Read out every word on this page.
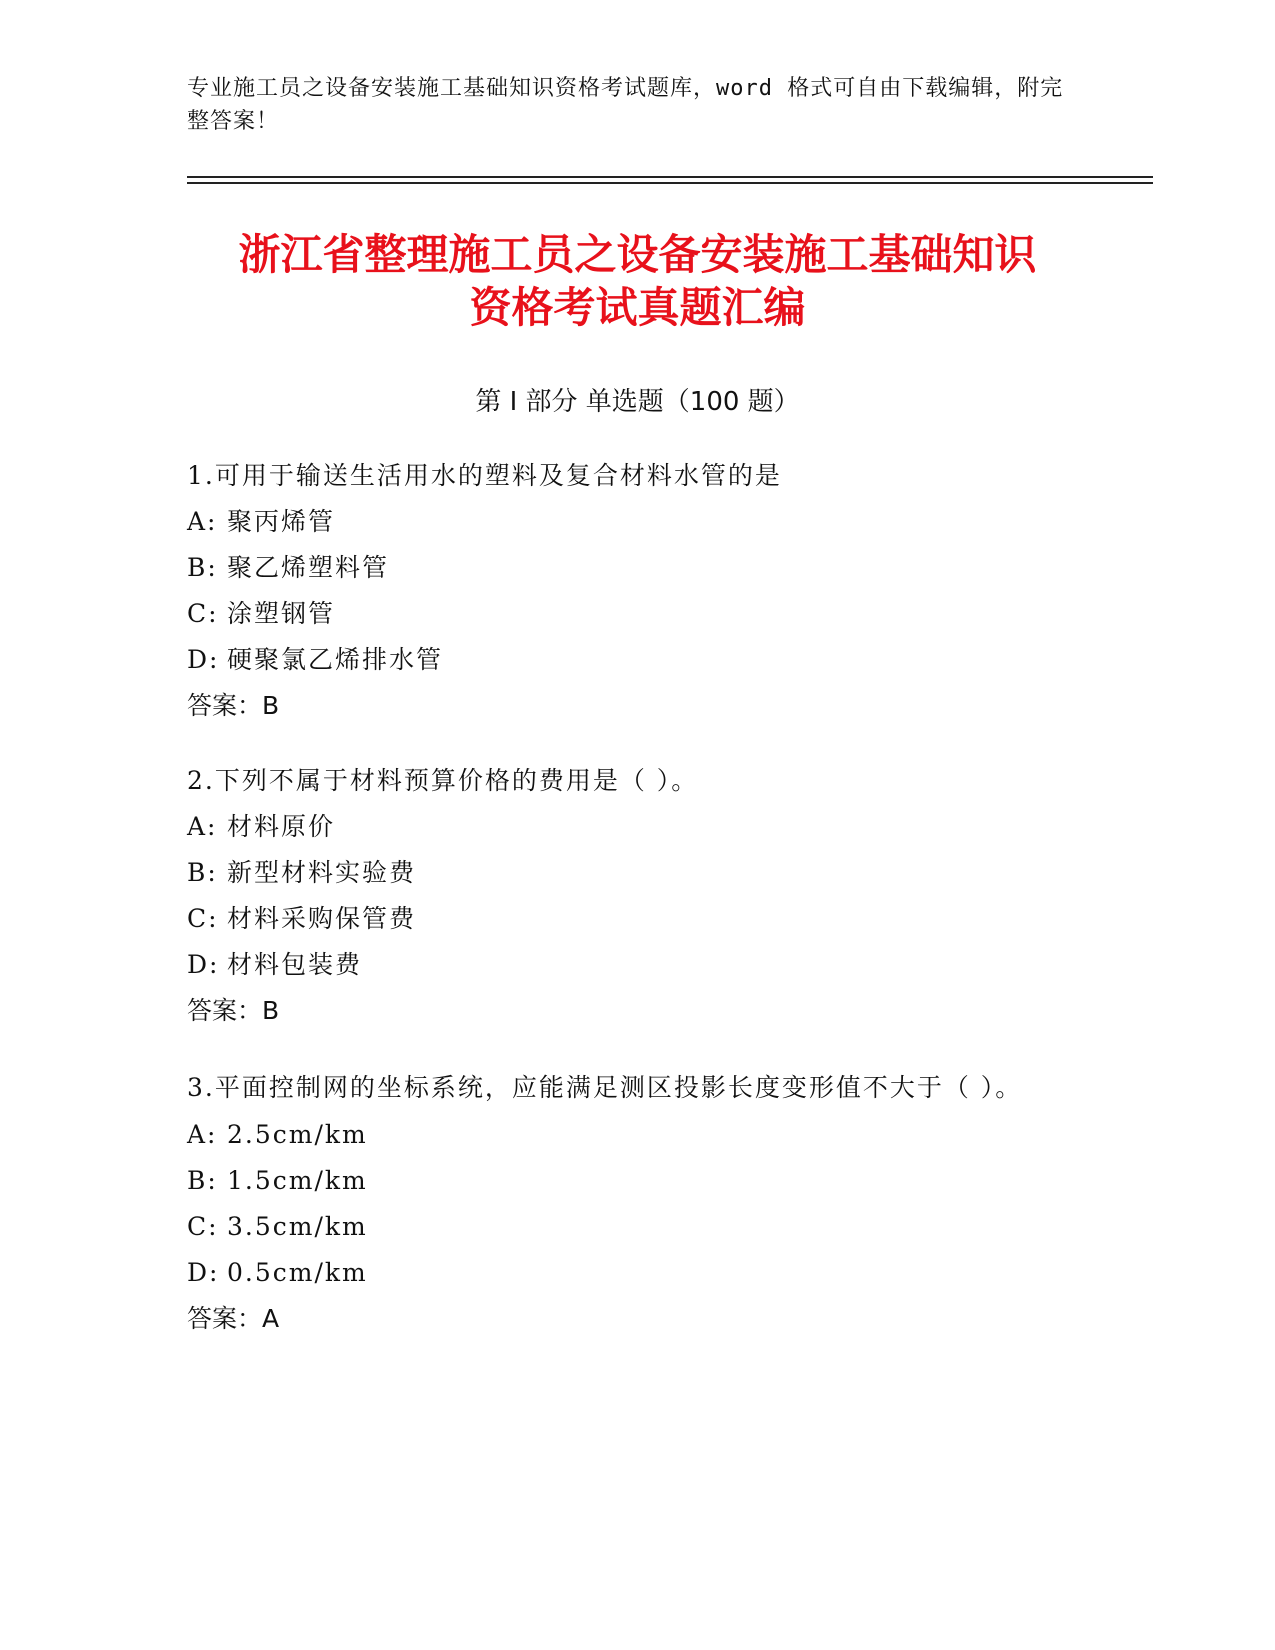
专业施工员之设备安装施工基础知识资格考试题库，word 格式可自由下载编辑，附完整答案！
浙江省整理施工员之设备安装施工基础知识
资格考试真题汇编
第 I 部分 单选题（100 题）
1.可用于输送生活用水的塑料及复合材料水管的是
A: 聚丙烯管
B: 聚乙烯塑料管
C: 涂塑钢管
D: 硬聚氯乙烯排水管
答案：B
2.下列不属于材料预算价格的费用是（ ）。
A: 材料原价
B: 新型材料实验费
C: 材料采购保管费
D: 材料包装费
答案：B
3.平面控制网的坐标系统，应能满足测区投影长度变形值不大于（ ）。
A: 2.5cm/km
B: 1.5cm/km
C: 3.5cm/km
D: 0.5cm/km
答案：A
